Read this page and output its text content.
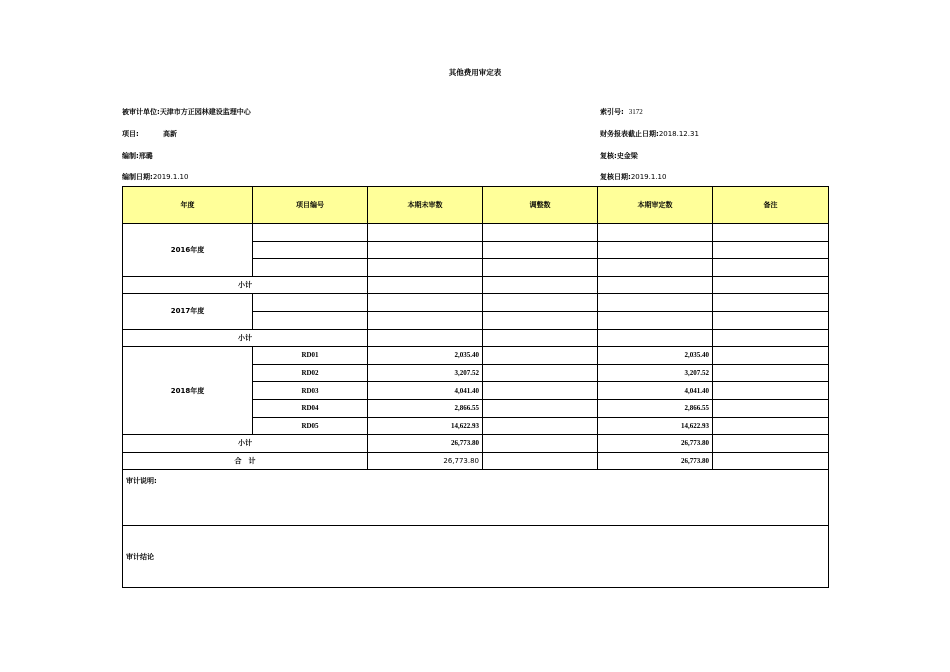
其他费用审定表
被审计单位:天津市方正园林建设监理中心	索引号: 3172
项目:	高新	财务报表截止日期:2018.12.31
编制:邢璐	复核:史金梁
编制日期:2019.1.10	复核日期:2019.1.10
年度	项目编号	本期未审数	调整数	本期审定数	备注
2016年度					

小计					
2017年度					

小计					
2018年度	RD01	2,035.40		2,035.40	
	RD02	3,207.52		3,207.52	
	RD03	4,041.40		4,041.40	
	RD04	2,866.55		2,866.55	
	RD05	14,622.93		14,622.93	
小计		26,773.80		26,773.80	
合　计		26,773.80		26,773.80	
审计说明:					
审计结论					
